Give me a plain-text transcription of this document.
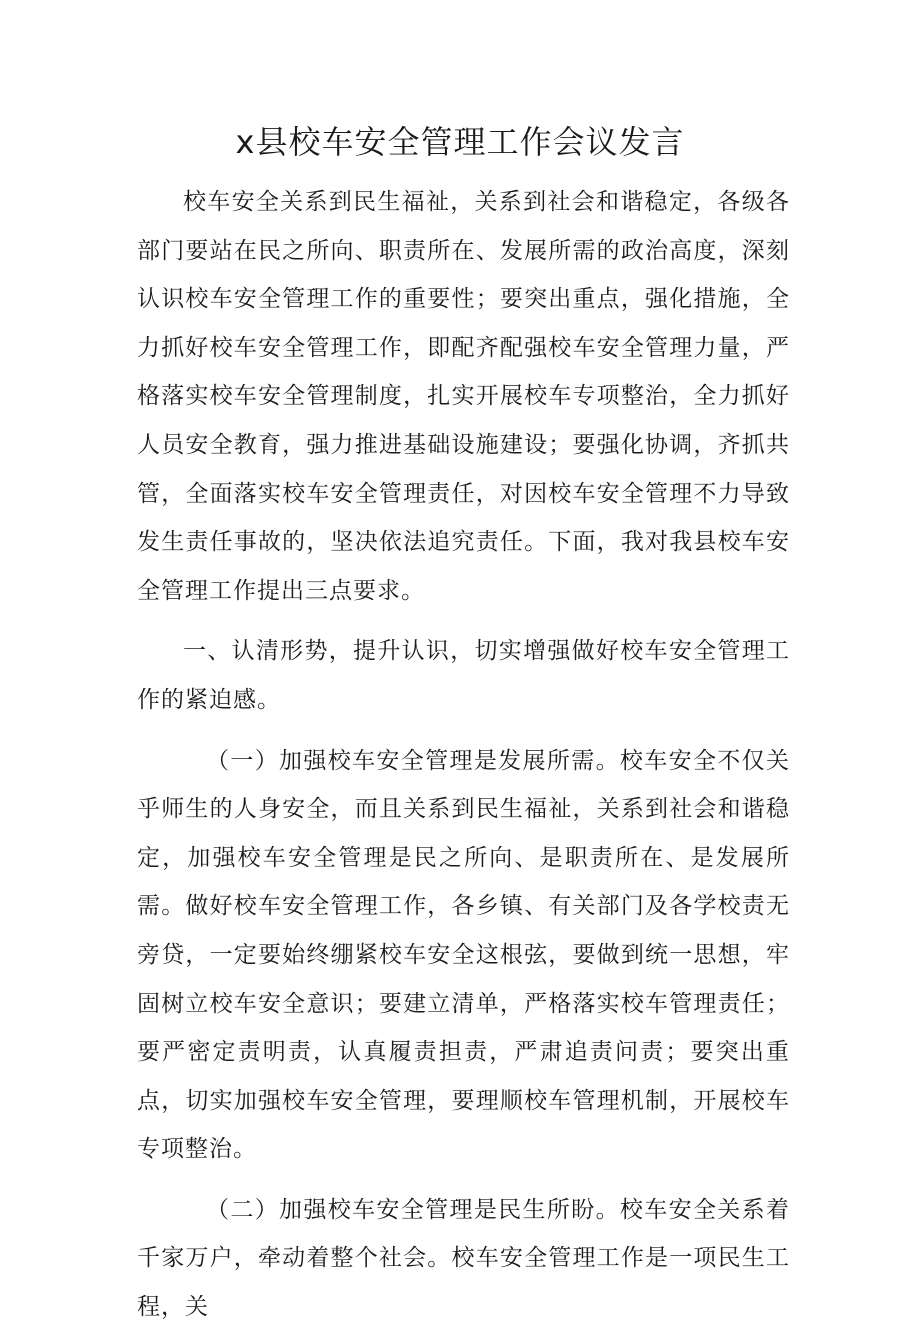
x县校车安全管理工作会议发言

校车安全关系到民生福祉，关系到社会和谐稳定，各级各部门要站在民之所向、职责所在、发展所需的政治高度，深刻认识校车安全管理工作的重要性；要突出重点，强化措施，全力抓好校车安全管理工作，即配齐配强校车安全管理力量，严格落实校车安全管理制度，扎实开展校车专项整治，全力抓好人员安全教育，强力推进基础设施建设；要强化协调，齐抓共管，全面落实校车安全管理责任，对因校车安全管理不力导致发生责任事故的，坚决依法追究责任。下面，我对我县校车安全管理工作提出三点要求。

一、认清形势，提升认识，切实增强做好校车安全管理工作的紧迫感。

（一）加强校车安全管理是发展所需。校车安全不仅关乎师生的人身安全，而且关系到民生福祉，关系到社会和谐稳定，加强校车安全管理是民之所向、是职责所在、是发展所需。做好校车安全管理工作，各乡镇、有关部门及各学校责无旁贷，一定要始终绷紧校车安全这根弦，要做到统一思想，牢固树立校车安全意识；要建立清单，严格落实校车管理责任；要严密定责明责，认真履责担责，严肃追责问责；要突出重点，切实加强校车安全管理，要理顺校车管理机制，开展校车专项整治。

（二）加强校车安全管理是民生所盼。校车安全关系着千家万户，牵动着整个社会。校车安全管理工作是一项民生工程，关
